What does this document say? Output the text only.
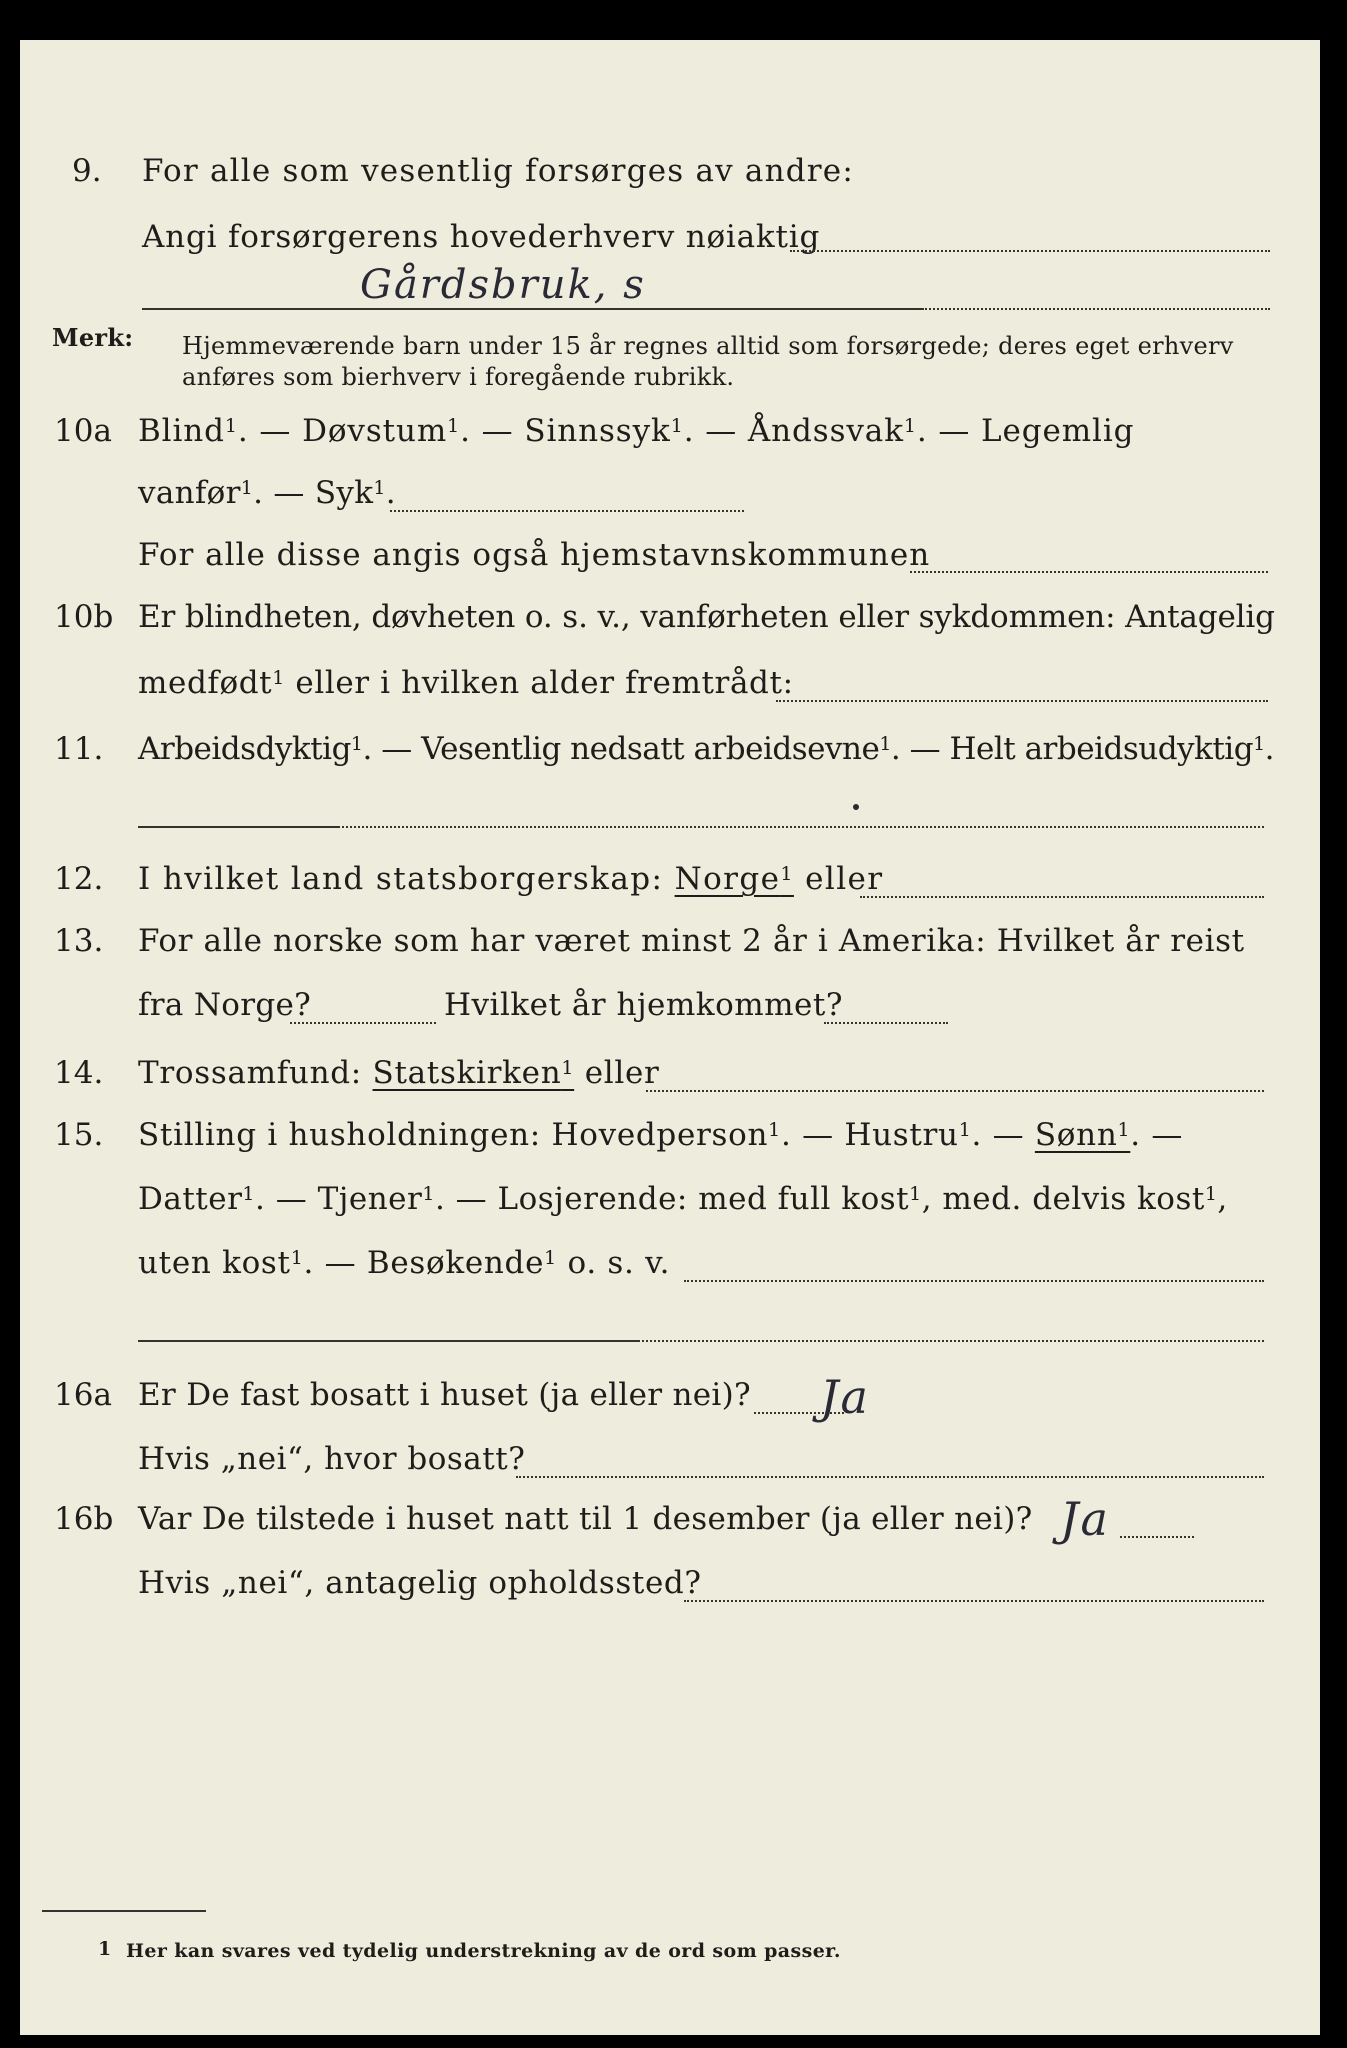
9. For alle som vesentlig forsørges av andre:
Angi forsørgerens hovederhverv nøiaktig
Gårdsbruk, s
Merk: Hjemmeværende barn under 15 år regnes alltid som forsørgede; deres eget erhverv
anføres som bierhverv i foregående rubrikk.
10a Blind$^1$. — Døvstum$^1$. — Sinnssyk$^1$. — Åndssvak$^1$. — Legemlig
vanfør$^1$. — Syk$^1$.
For alle disse angis også hjemstavnskommunen
10b Er blindheten, døvheten o. s. v., vanførheten eller sykdommen: Antagelig
medfødt$^1$ eller i hvilken alder fremtrådt:
11. Arbeidsdyktig$^1$. — Vesentlig nedsatt arbeidsevne$^1$. — Helt arbeidsudyktig$^1$.
12. I hvilket land statsborgerskap: Norge$^1$ eller
13. For alle norske som har været minst 2 år i Amerika: Hvilket år reist
fra Norge?	Hvilket år hjemkommet?
14. Trossamfund: Statskirken$^1$ eller
15. Stilling i husholdningen: Hovedperson$^1$. — Hustru$^1$. — Sønn$^1$. —
Datter$^1$. — Tjener$^1$. — Losjerende: med full kost$^1$, med. delvis kost$^1$,
uten kost$^1$. — Besøkende$^1$ o. s. v.
16a Er De fast bosatt i huset (ja eller nei)? Ja
Hvis „nei“, hvor bosatt?
16b Var De tilstede i huset natt til 1 desember (ja eller nei)? Ja
Hvis „nei“, antagelig opholdssted?
1 Her kan svares ved tydelig understrekning av de ord som passer.
